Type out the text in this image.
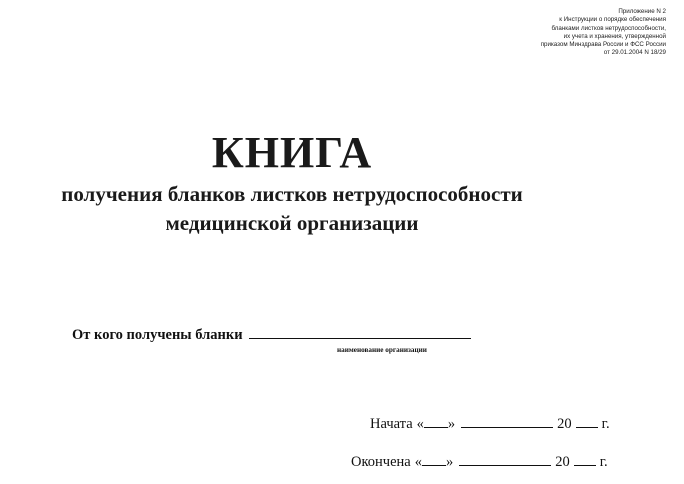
Приложение N 2
к Инструкции о порядке обеспечения
бланками листков нетрудоспособности,
их учета и хранения, утвержденной
приказом Минздрава России и ФСС России
от 29.01.2004 N 18/29
КНИГА
получения бланков листков нетрудоспособности
медицинской организации
От кого получены бланки
наименование организации
Начата « »	20 г.
Окончена « »	20 г.
